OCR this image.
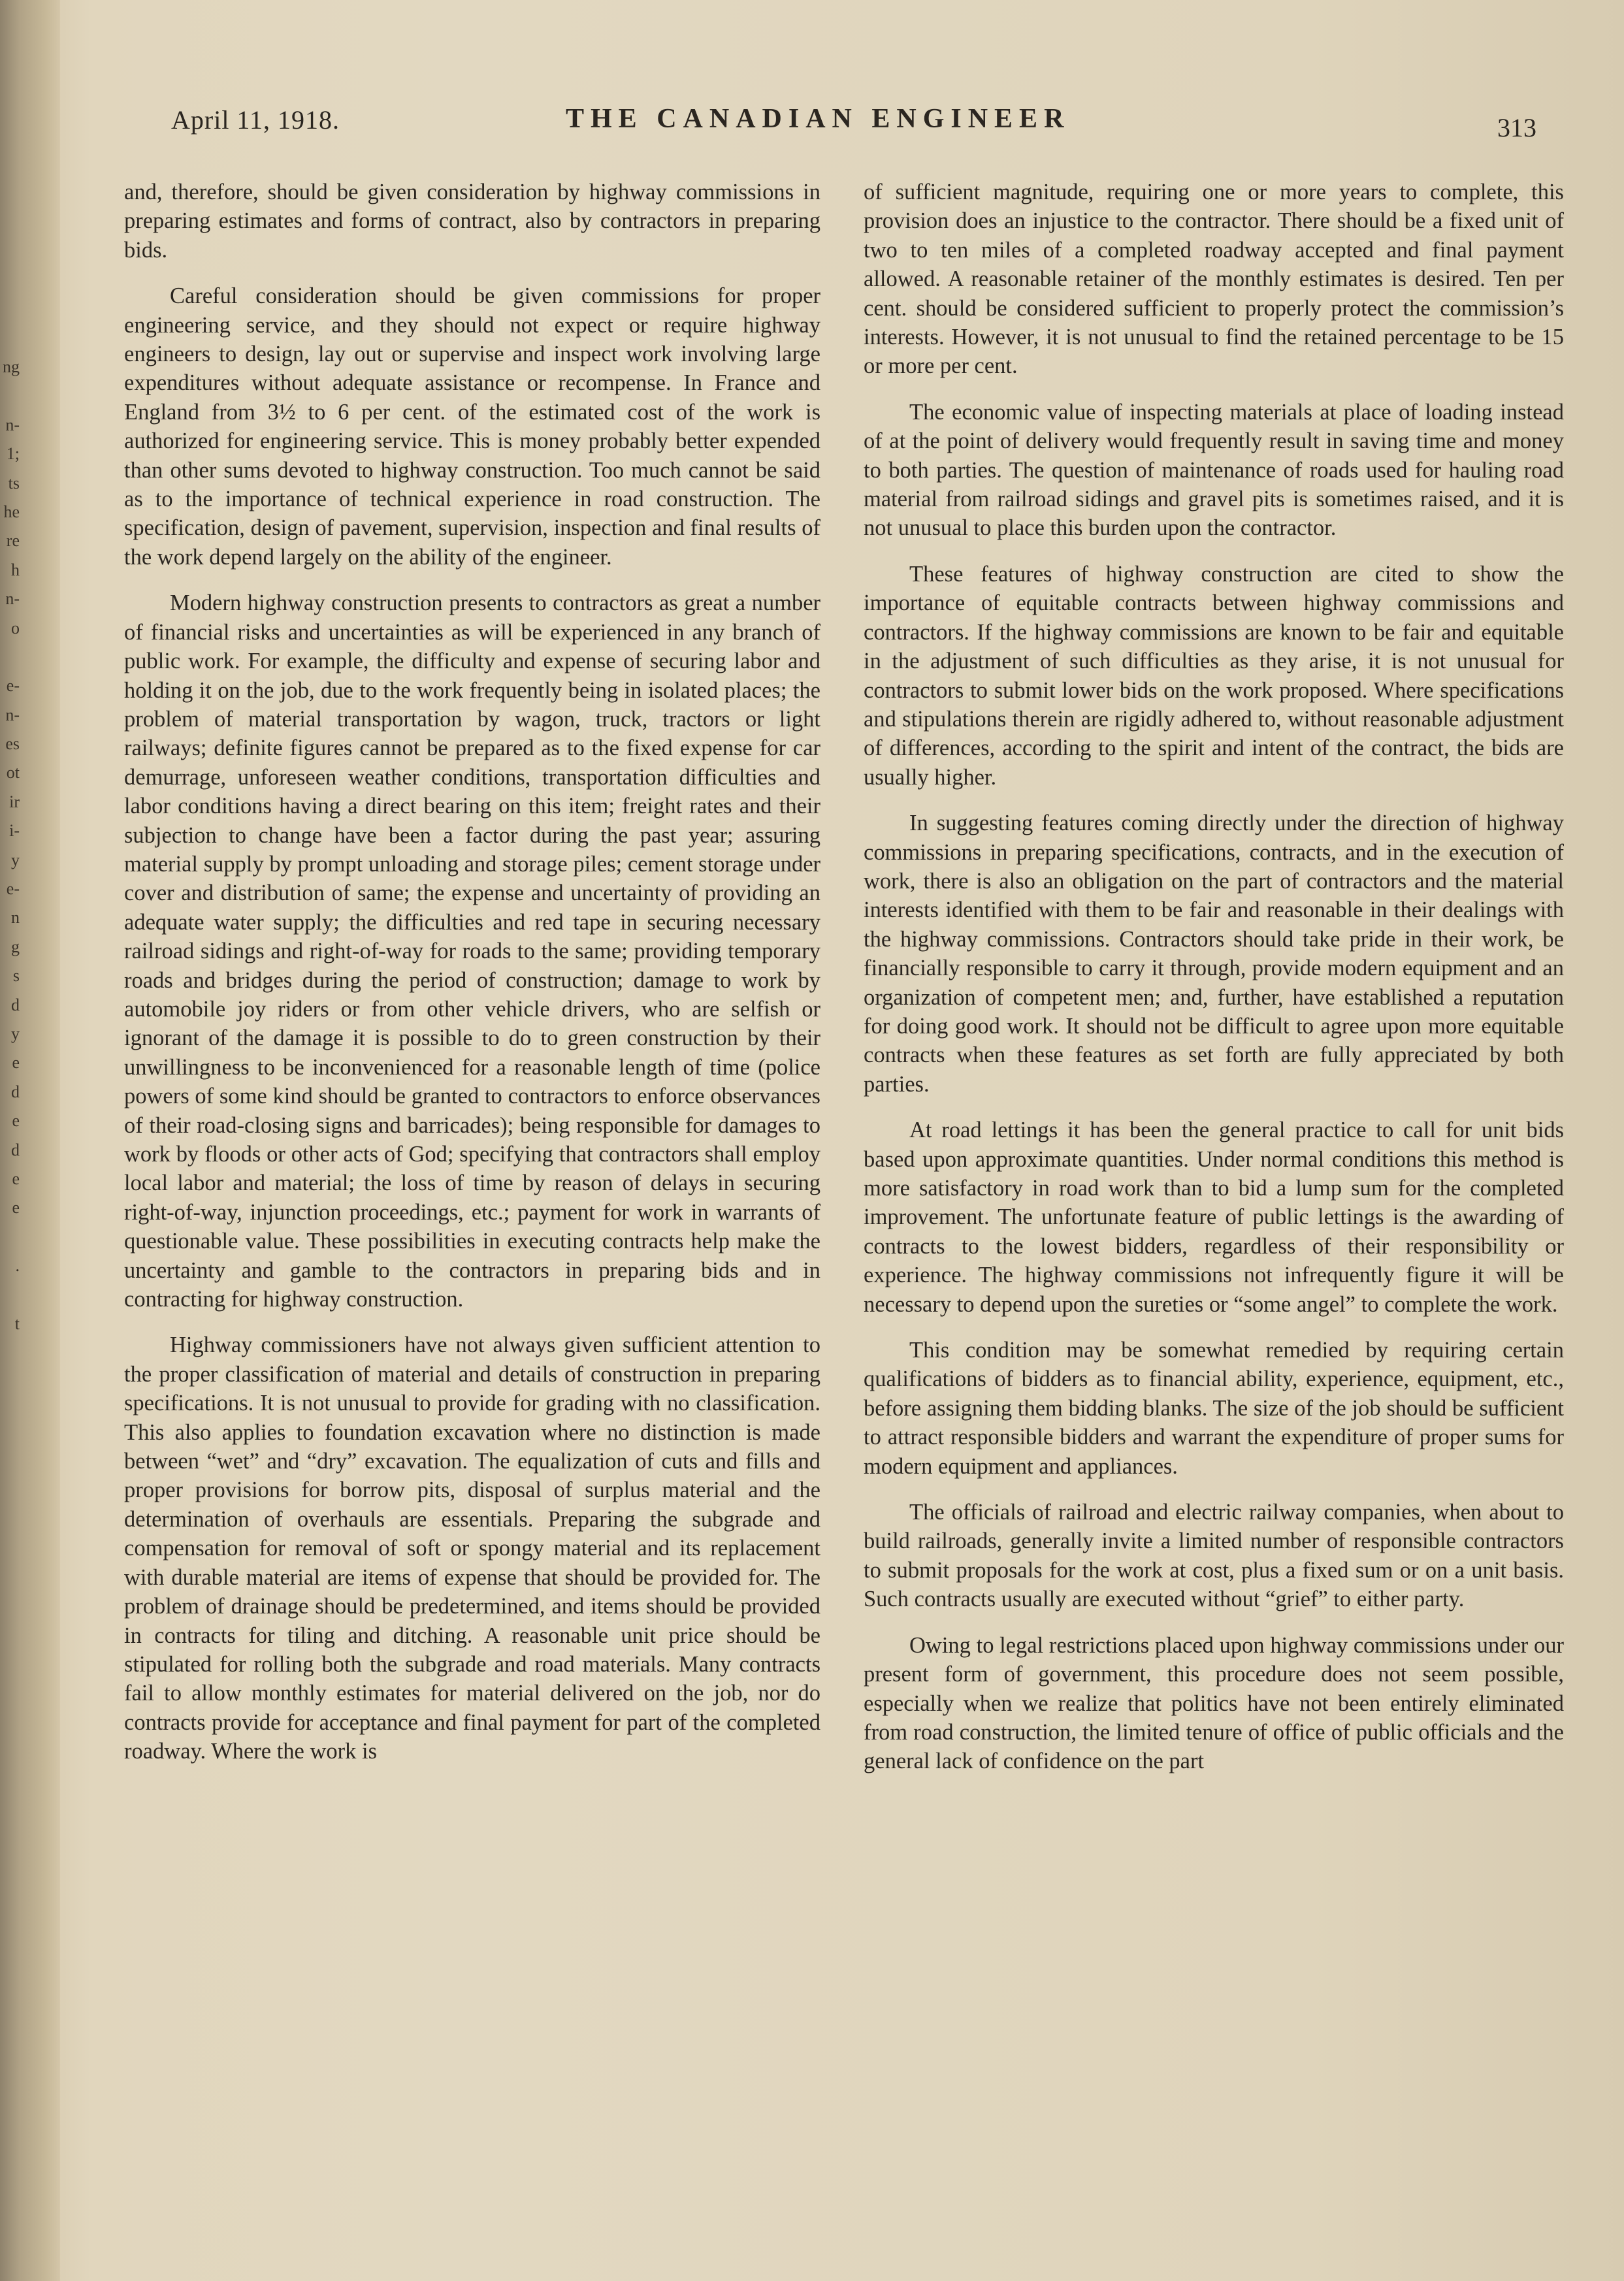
ng
n-
1;
ts
he
re
h
n-
o
e-
n-
es
ot
ir
i-
y
e-
n
g
s
d
y
e
d
e
d
e
e
.
t
April 11, 1918.	THE CANADIAN ENGINEER	313

and, therefore, should be given consideration by highway commissions in preparing estimates and forms of contract, also by contractors in preparing bids.

Careful consideration should be given commissions for proper engineering service, and they should not expect or require highway engineers to design, lay out or supervise and inspect work involving large expenditures without adequate assistance or recompense. In France and England from 3½ to 6 per cent. of the estimated cost of the work is authorized for engineering service. This is money probably better expended than other sums devoted to highway construction. Too much cannot be said as to the importance of technical experience in road construction. The specification, design of pavement, supervision, inspection and final results of the work depend largely on the ability of the engineer.

Modern highway construction presents to contractors as great a number of financial risks and uncertainties as will be experienced in any branch of public work. For example, the difficulty and expense of securing labor and holding it on the job, due to the work frequently being in isolated places; the problem of material transportation by wagon, truck, tractors or light railways; definite figures cannot be prepared as to the fixed expense for car demurrage, unforeseen weather conditions, transportation difficulties and labor conditions having a direct bearing on this item; freight rates and their subjection to change have been a factor during the past year; assuring material supply by prompt unloading and storage piles; cement storage under cover and distribution of same; the expense and uncertainty of providing an adequate water supply; the difficulties and red tape in securing necessary railroad sidings and right-of-way for roads to the same; providing temporary roads and bridges during the period of construction; damage to work by automobile joy riders or from other vehicle drivers, who are selfish or ignorant of the damage it is possible to do to green construction by their unwillingness to be inconvenienced for a reasonable length of time (police powers of some kind should be granted to contractors to enforce observances of their road-closing signs and barricades); being responsible for damages to work by floods or other acts of God; specifying that contractors shall employ local labor and material; the loss of time by reason of delays in securing right-of-way, injunction proceedings, etc.; payment for work in warrants of questionable value. These possibilities in executing contracts help make the uncertainty and gamble to the contractors in preparing bids and in contracting for highway construction.

Highway commissioners have not always given sufficient attention to the proper classification of material and details of construction in preparing specifications. It is not unusual to provide for grading with no classification. This also applies to foundation excavation where no distinction is made between “wet” and “dry” excavation. The equalization of cuts and fills and proper provisions for borrow pits, disposal of surplus material and the determination of overhauls are essentials. Preparing the subgrade and compensation for removal of soft or spongy material and its replacement with durable material are items of expense that should be provided for. The problem of drainage should be predetermined, and items should be provided in contracts for tiling and ditching. A reasonable unit price should be stipulated for rolling both the subgrade and road materials. Many contracts fail to allow monthly estimates for material delivered on the job, nor do contracts provide for acceptance and final payment for part of the completed roadway. Where the work is

of sufficient magnitude, requiring one or more years to complete, this provision does an injustice to the contractor. There should be a fixed unit of two to ten miles of a completed roadway accepted and final payment allowed. A reasonable retainer of the monthly estimates is desired. Ten per cent. should be considered sufficient to properly protect the commission’s interests. However, it is not unusual to find the retained percentage to be 15 or more per cent.

The economic value of inspecting materials at place of loading instead of at the point of delivery would frequently result in saving time and money to both parties. The question of maintenance of roads used for hauling road material from railroad sidings and gravel pits is sometimes raised, and it is not unusual to place this burden upon the contractor.

These features of highway construction are cited to show the importance of equitable contracts between highway commissions and contractors. If the highway commissions are known to be fair and equitable in the adjustment of such difficulties as they arise, it is not unusual for contractors to submit lower bids on the work proposed. Where specifications and stipulations therein are rigidly adhered to, without reasonable adjustment of differences, according to the spirit and intent of the contract, the bids are usually higher.

In suggesting features coming directly under the direction of highway commissions in preparing specifications, contracts, and in the execution of work, there is also an obligation on the part of contractors and the material interests identified with them to be fair and reasonable in their dealings with the highway commissions. Contractors should take pride in their work, be financially responsible to carry it through, provide modern equipment and an organization of competent men; and, further, have established a reputation for doing good work. It should not be difficult to agree upon more equitable contracts when these features as set forth are fully appreciated by both parties.

At road lettings it has been the general practice to call for unit bids based upon approximate quantities. Under normal conditions this method is more satisfactory in road work than to bid a lump sum for the completed improvement. The unfortunate feature of public lettings is the awarding of contracts to the lowest bidders, regardless of their responsibility or experience. The highway commissions not infrequently figure it will be necessary to depend upon the sureties or “some angel” to complete the work.

This condition may be somewhat remedied by requiring certain qualifications of bidders as to financial ability, experience, equipment, etc., before assigning them bidding blanks. The size of the job should be sufficient to attract responsible bidders and warrant the expenditure of proper sums for modern equipment and appliances.

The officials of railroad and electric railway companies, when about to build railroads, generally invite a limited number of responsible contractors to submit proposals for the work at cost, plus a fixed sum or on a unit basis. Such contracts usually are executed without “grief” to either party.

Owing to legal restrictions placed upon highway commissions under our present form of government, this procedure does not seem possible, especially when we realize that politics have not been entirely eliminated from road construction, the limited tenure of office of public officials and the general lack of confidence on the part
